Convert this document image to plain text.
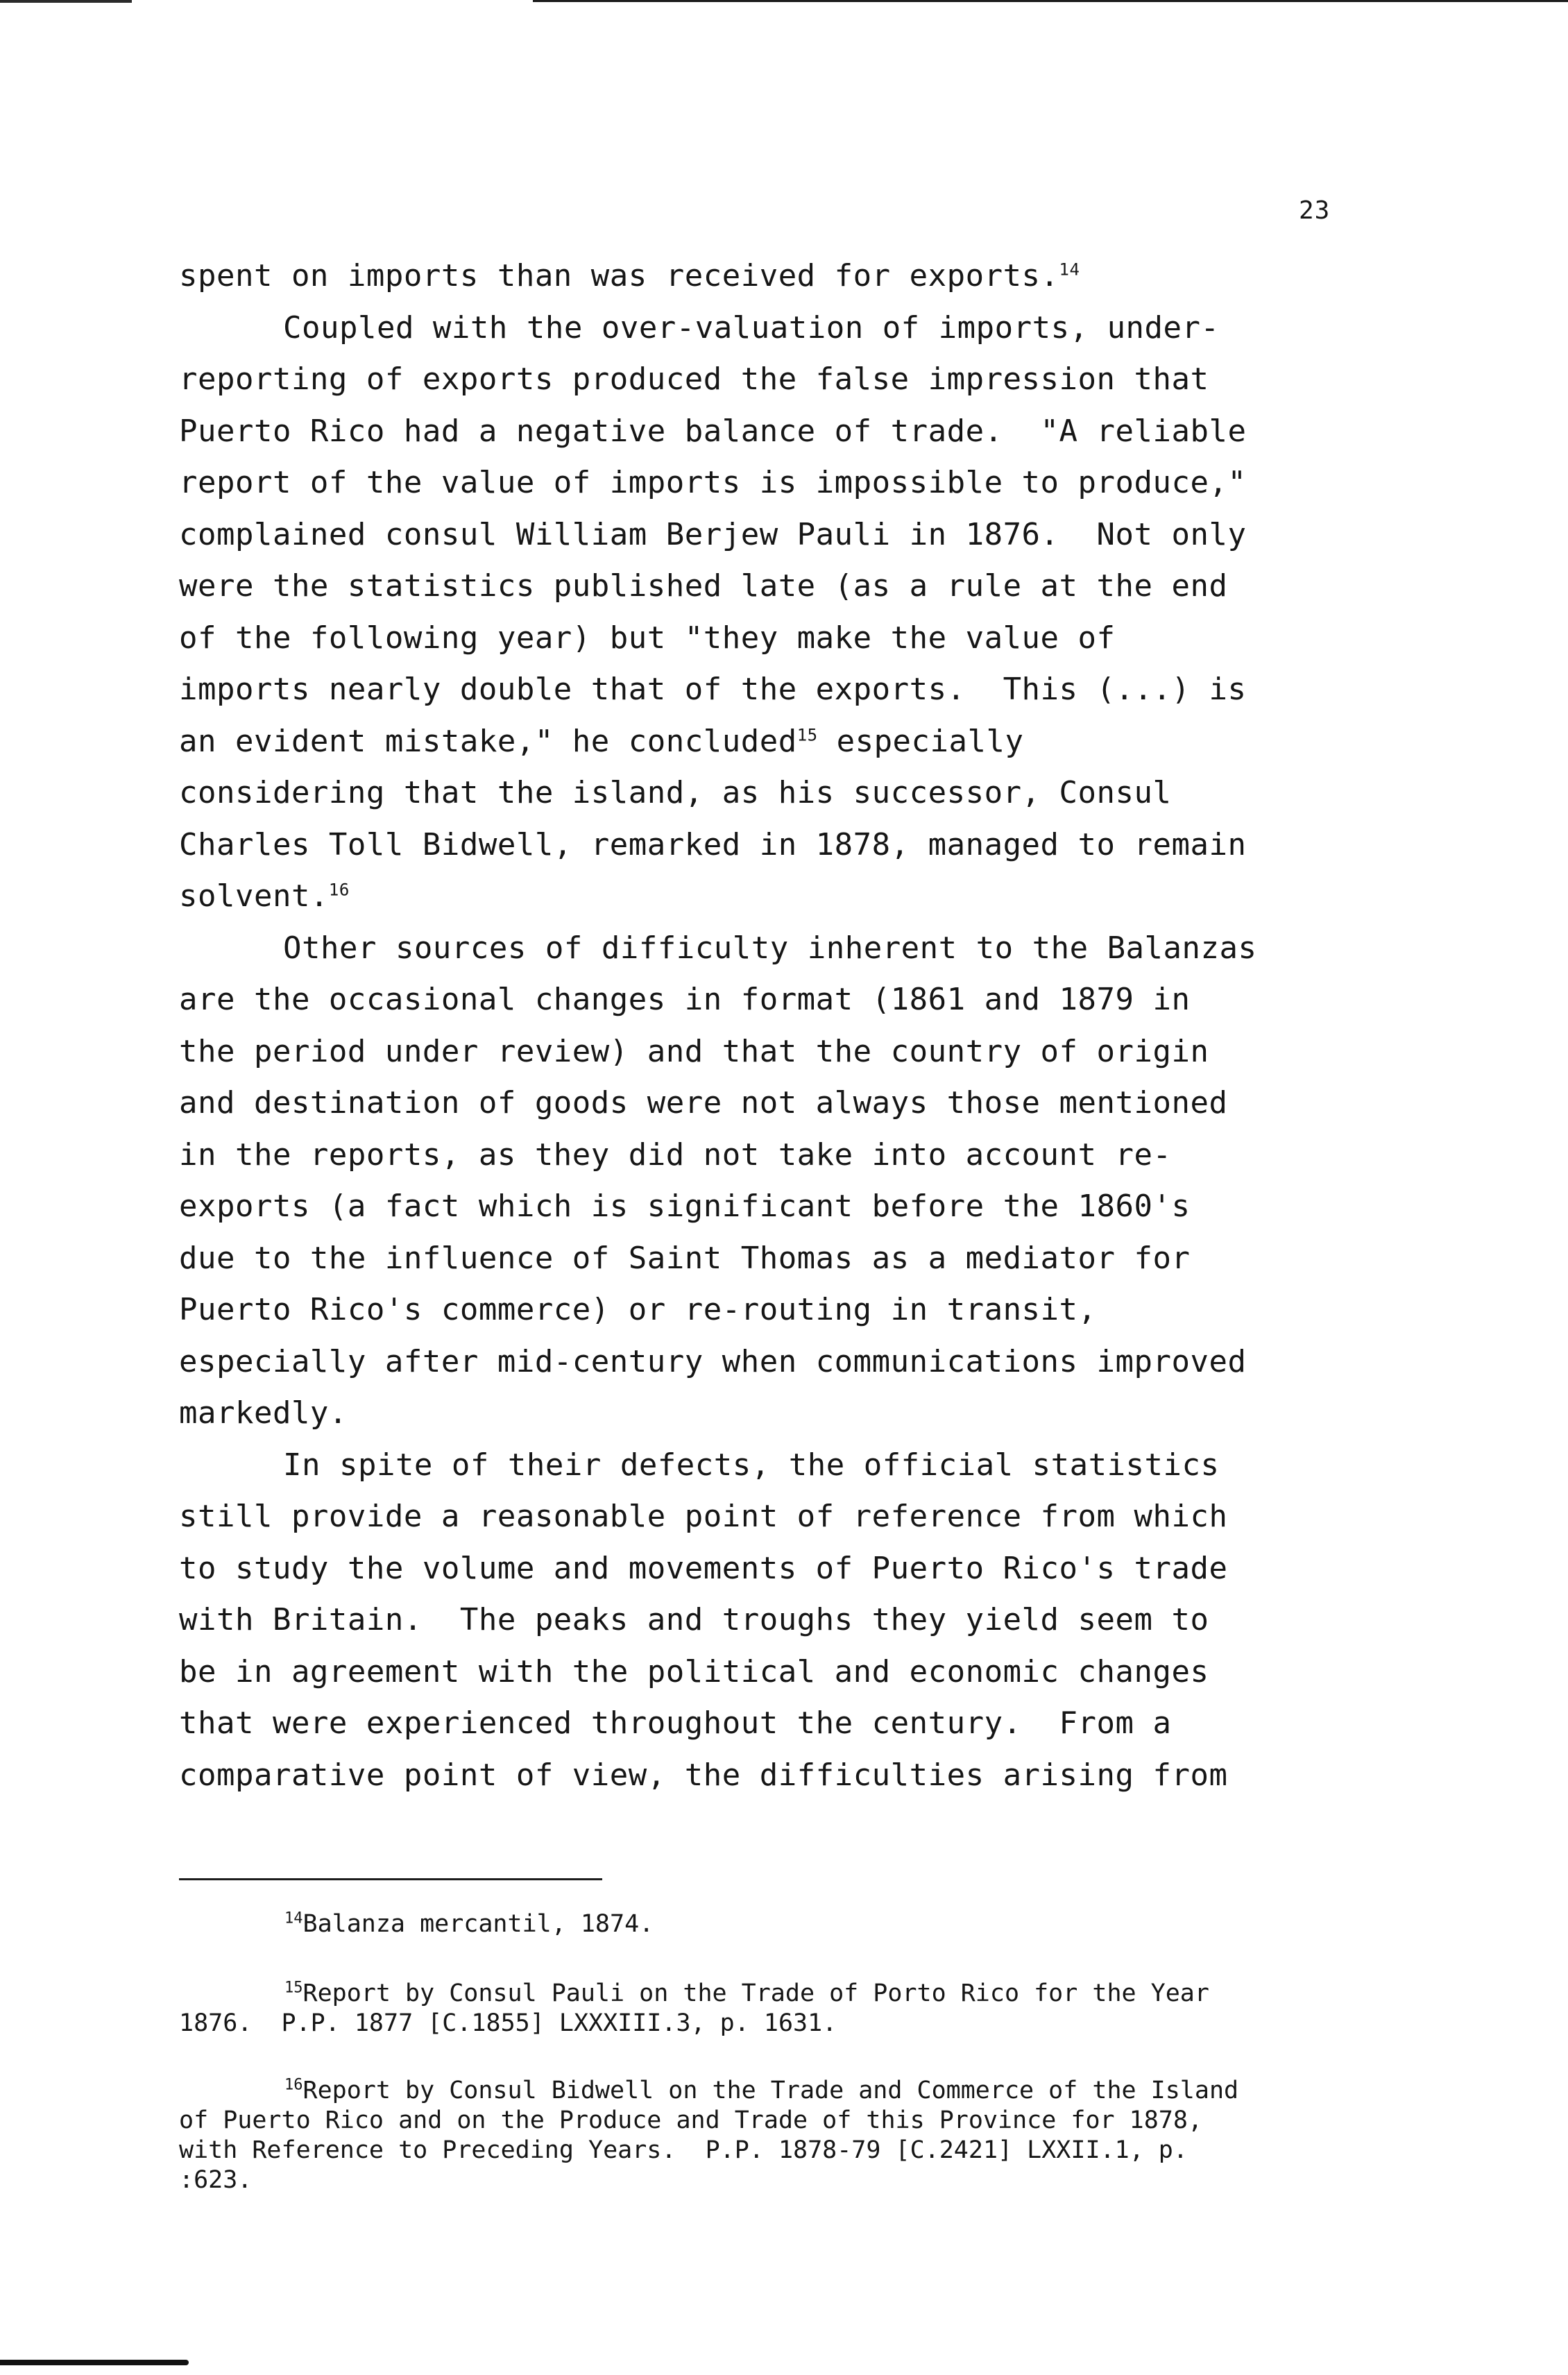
23
spent on imports than was received for exports.$^{14}$
Coupled with the over-valuation of imports, under-
reporting of exports produced the false impression that
Puerto Rico had a negative balance of trade.  "A reliable
report of the value of imports is impossible to produce,"
complained consul William Berjew Pauli in 1876.  Not only
were the statistics published late (as a rule at the end
of the following year) but "they make the value of
imports nearly double that of the exports.  This (...) is
an evident mistake," he concluded$^{15}$ especially
considering that the island, as his successor, Consul
Charles Toll Bidwell, remarked in 1878, managed to remain
solvent.$^{16}$
Other sources of difficulty inherent to the Balanzas
are the occasional changes in format (1861 and 1879 in
the period under review) and that the country of origin
and destination of goods were not always those mentioned
in the reports, as they did not take into account re-
exports (a fact which is significant before the 1860's
due to the influence of Saint Thomas as a mediator for
Puerto Rico's commerce) or re-routing in transit,
especially after mid-century when communications improved
markedly.
In spite of their defects, the official statistics
still provide a reasonable point of reference from which
to study the volume and movements of Puerto Rico's trade
with Britain.  The peaks and troughs they yield seem to
be in agreement with the political and economic changes
that were experienced throughout the century.  From a
comparative point of view, the difficulties arising from
$^{14}$Balanza mercantil, 1874.
$^{15}$Report by Consul Pauli on the Trade of Porto Rico for the Year
1876.  P.P. 1877 [C.1855] LXXXIII.3, p. 1631.
$^{16}$Report by Consul Bidwell on the Trade and Commerce of the Island
of Puerto Rico and on the Produce and Trade of this Province for 1878,
with Reference to Preceding Years.  P.P. 1878-79 [C.2421] LXXII.1, p.
:623.
